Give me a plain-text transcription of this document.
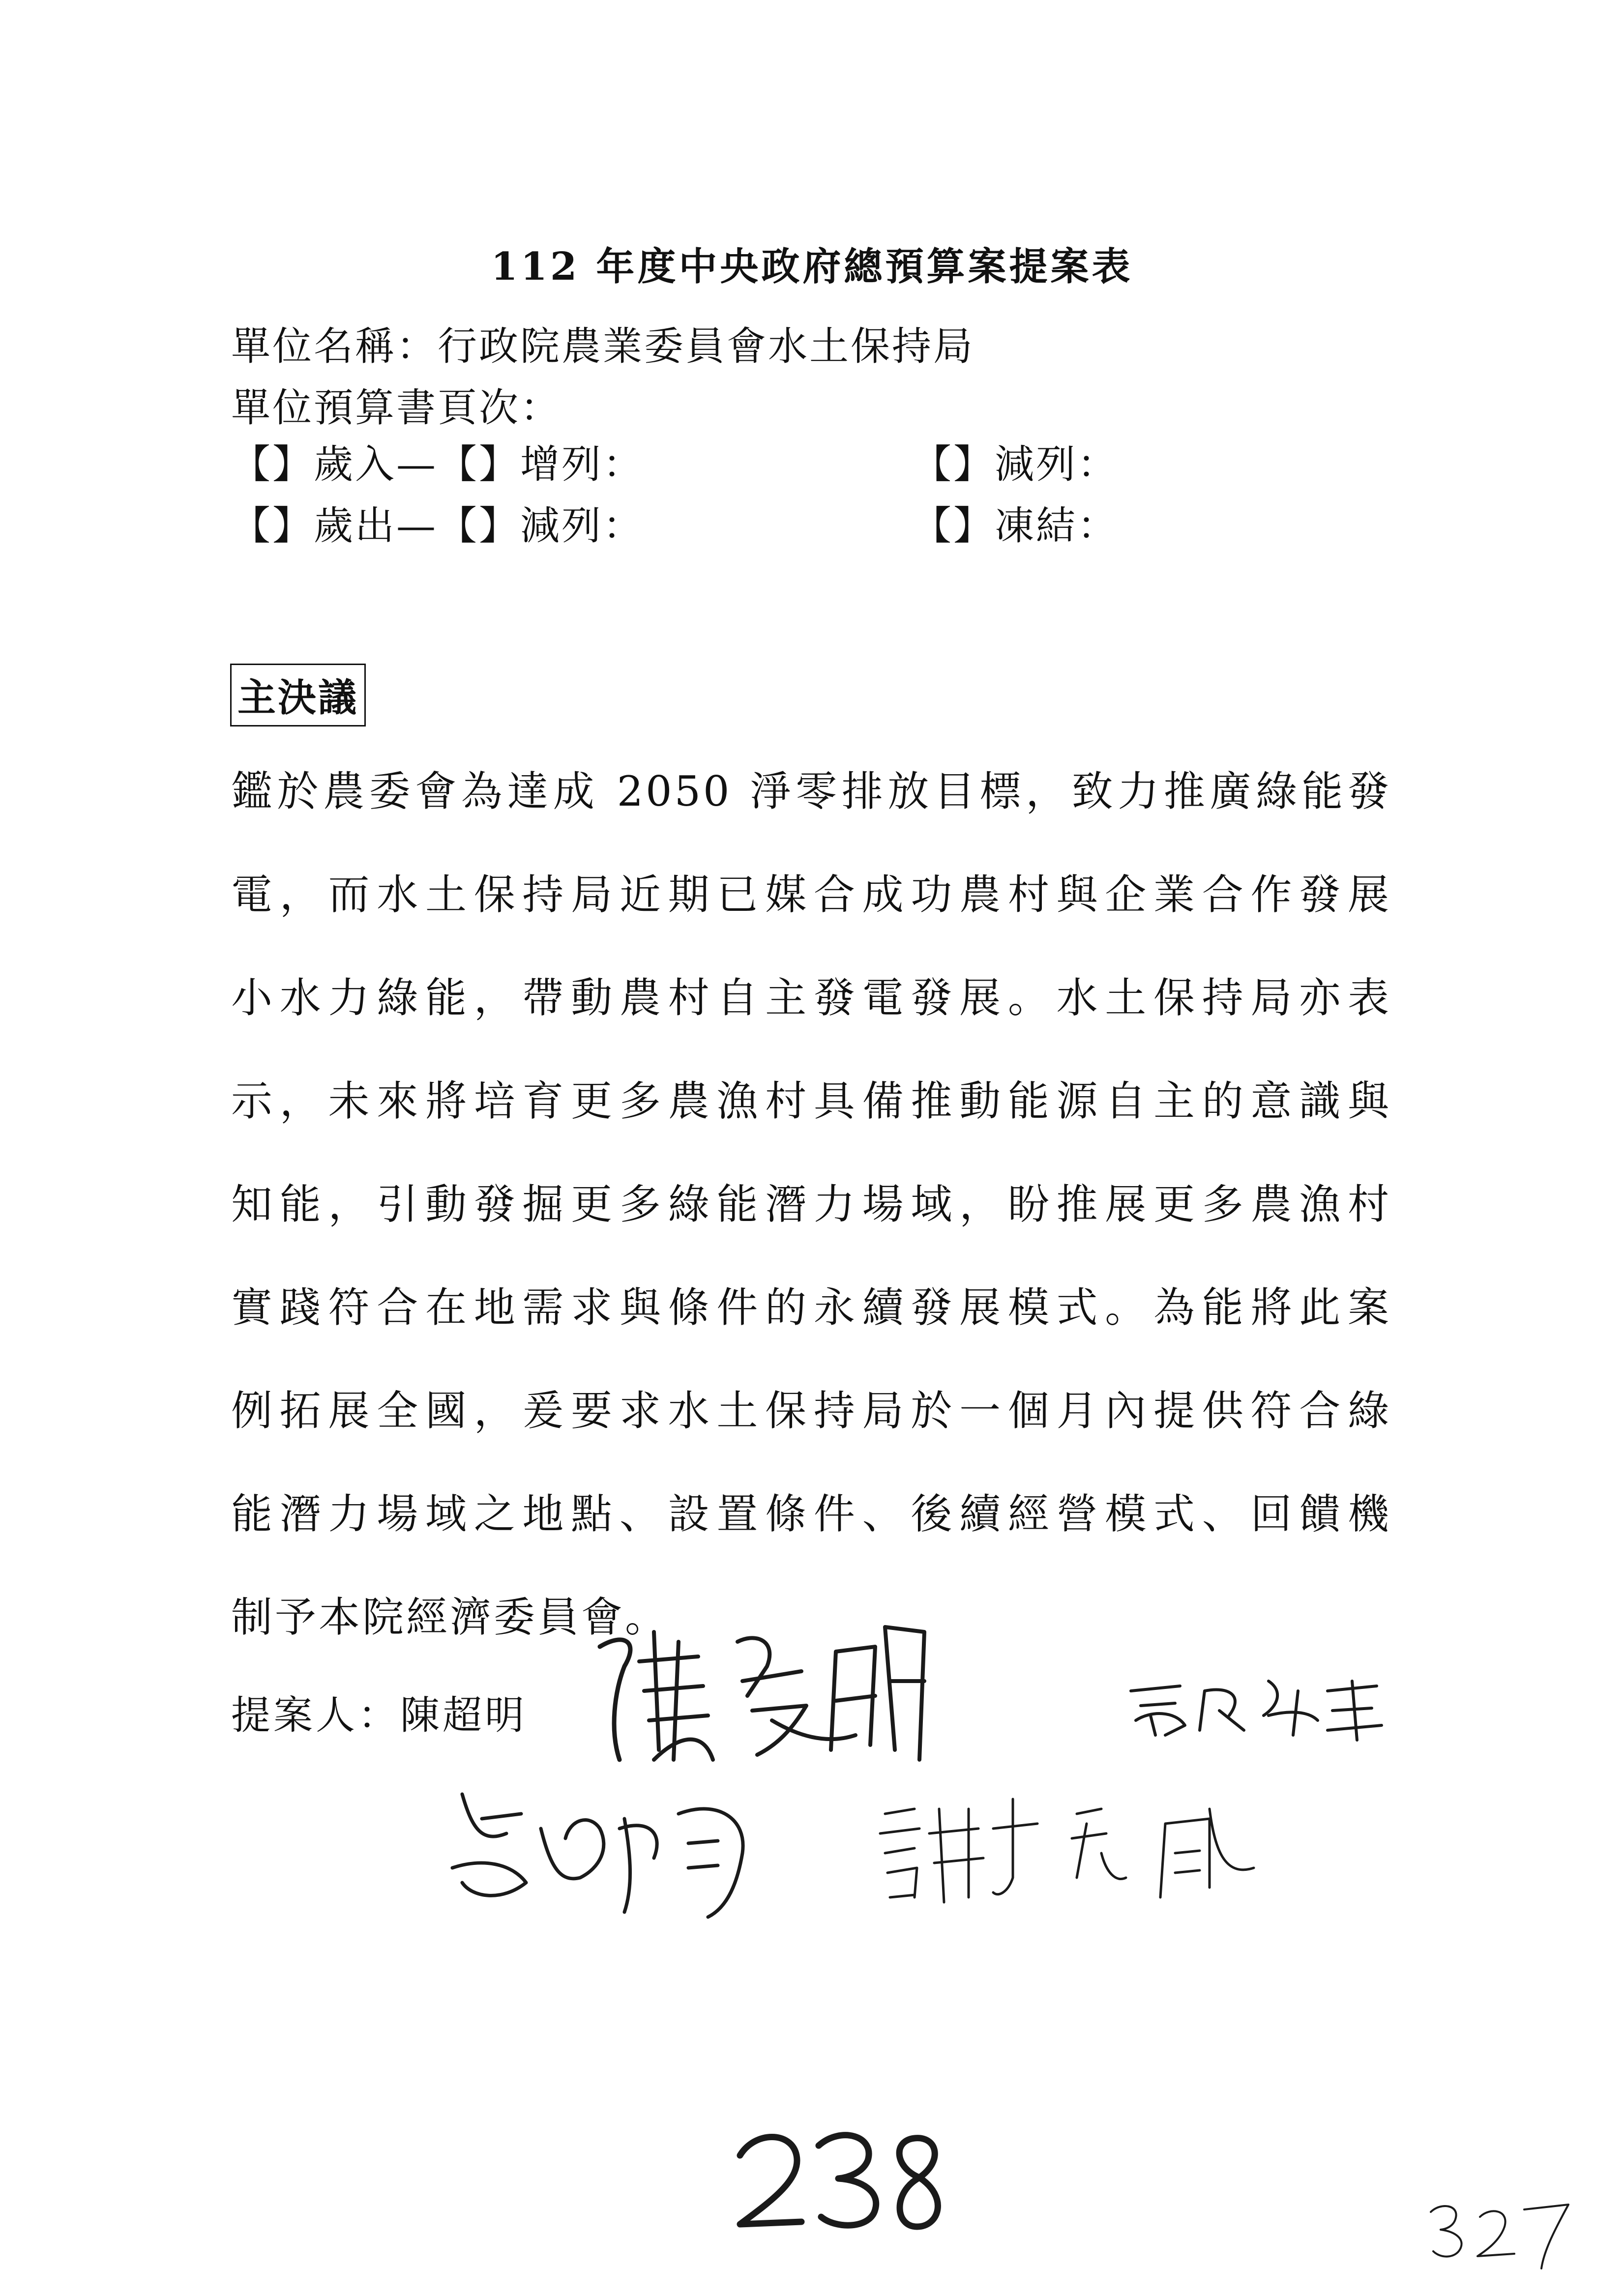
112 年度中央政府總預算案提案表
單位名稱：行政院農業委員會水土保持局
單位預算書頁次：
【】歲入—【】增列：	【】減列：
【】歲出—【】減列：	【】凍結：
主決議
鑑於農委會為達成 2050 淨零排放目標，致力推廣綠能發
電，而水土保持局近期已媒合成功農村與企業合作發展
小水力綠能，帶動農村自主發電發展。水土保持局亦表
示，未來將培育更多農漁村具備推動能源自主的意識與
知能，引動發掘更多綠能潛力場域，盼推展更多農漁村
實踐符合在地需求與條件的永續發展模式。為能將此案
例拓展全國，爰要求水土保持局於一個月內提供符合綠
能潛力場域之地點、設置條件、後續經營模式、回饋機
制予本院經濟委員會。
提案人：陳超明
